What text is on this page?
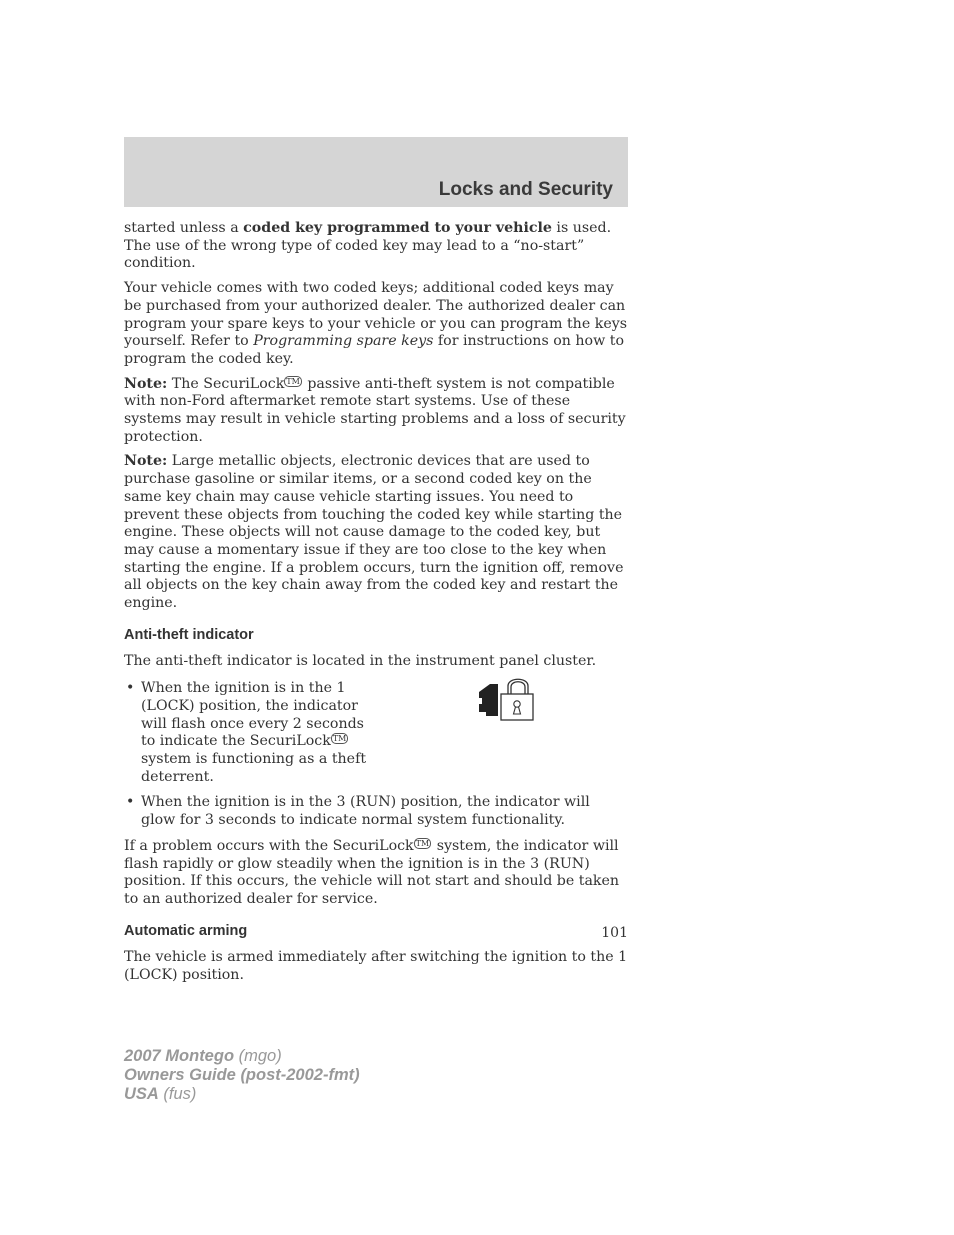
Locks and Security

started unless a coded key programmed to your vehicle is used. The use of the wrong type of coded key may lead to a “no-start” condition.

Your vehicle comes with two coded keys; additional coded keys may be purchased from your authorized dealer. The authorized dealer can program your spare keys to your vehicle or you can program the keys yourself. Refer to Programming spare keys for instructions on how to program the coded key.

Note: The SecuriLock ™ passive anti-theft system is not compatible with non-Ford aftermarket remote start systems. Use of these systems may result in vehicle starting problems and a loss of security protection.

Note: Large metallic objects, electronic devices that are used to purchase gasoline or similar items, or a second coded key on the same key chain may cause vehicle starting issues. You need to prevent these objects from touching the coded key while starting the engine. These objects will not cause damage to the coded key, but may cause a momentary issue if they are too close to the key when starting the engine. If a problem occurs, turn the ignition off, remove all objects on the key chain away from the coded key and restart the engine.

Anti-theft indicator

The anti-theft indicator is located in the instrument panel cluster.

• When the ignition is in the 1 (LOCK) position, the indicator will flash once every 2 seconds to indicate the SecuriLock ™ system is functioning as a theft deterrent.
• When the ignition is in the 3 (RUN) position, the indicator will glow for 3 seconds to indicate normal system functionality.

If a problem occurs with the SecuriLock ™ system, the indicator will flash rapidly or glow steadily when the ignition is in the 3 (RUN) position. If this occurs, the vehicle will not start and should be taken to an authorized dealer for service.

Automatic arming

The vehicle is armed immediately after switching the ignition to the 1 (LOCK) position.

101
2007 Montego (mgo)
Owners Guide (post-2002-fmt)
USA (fus)
